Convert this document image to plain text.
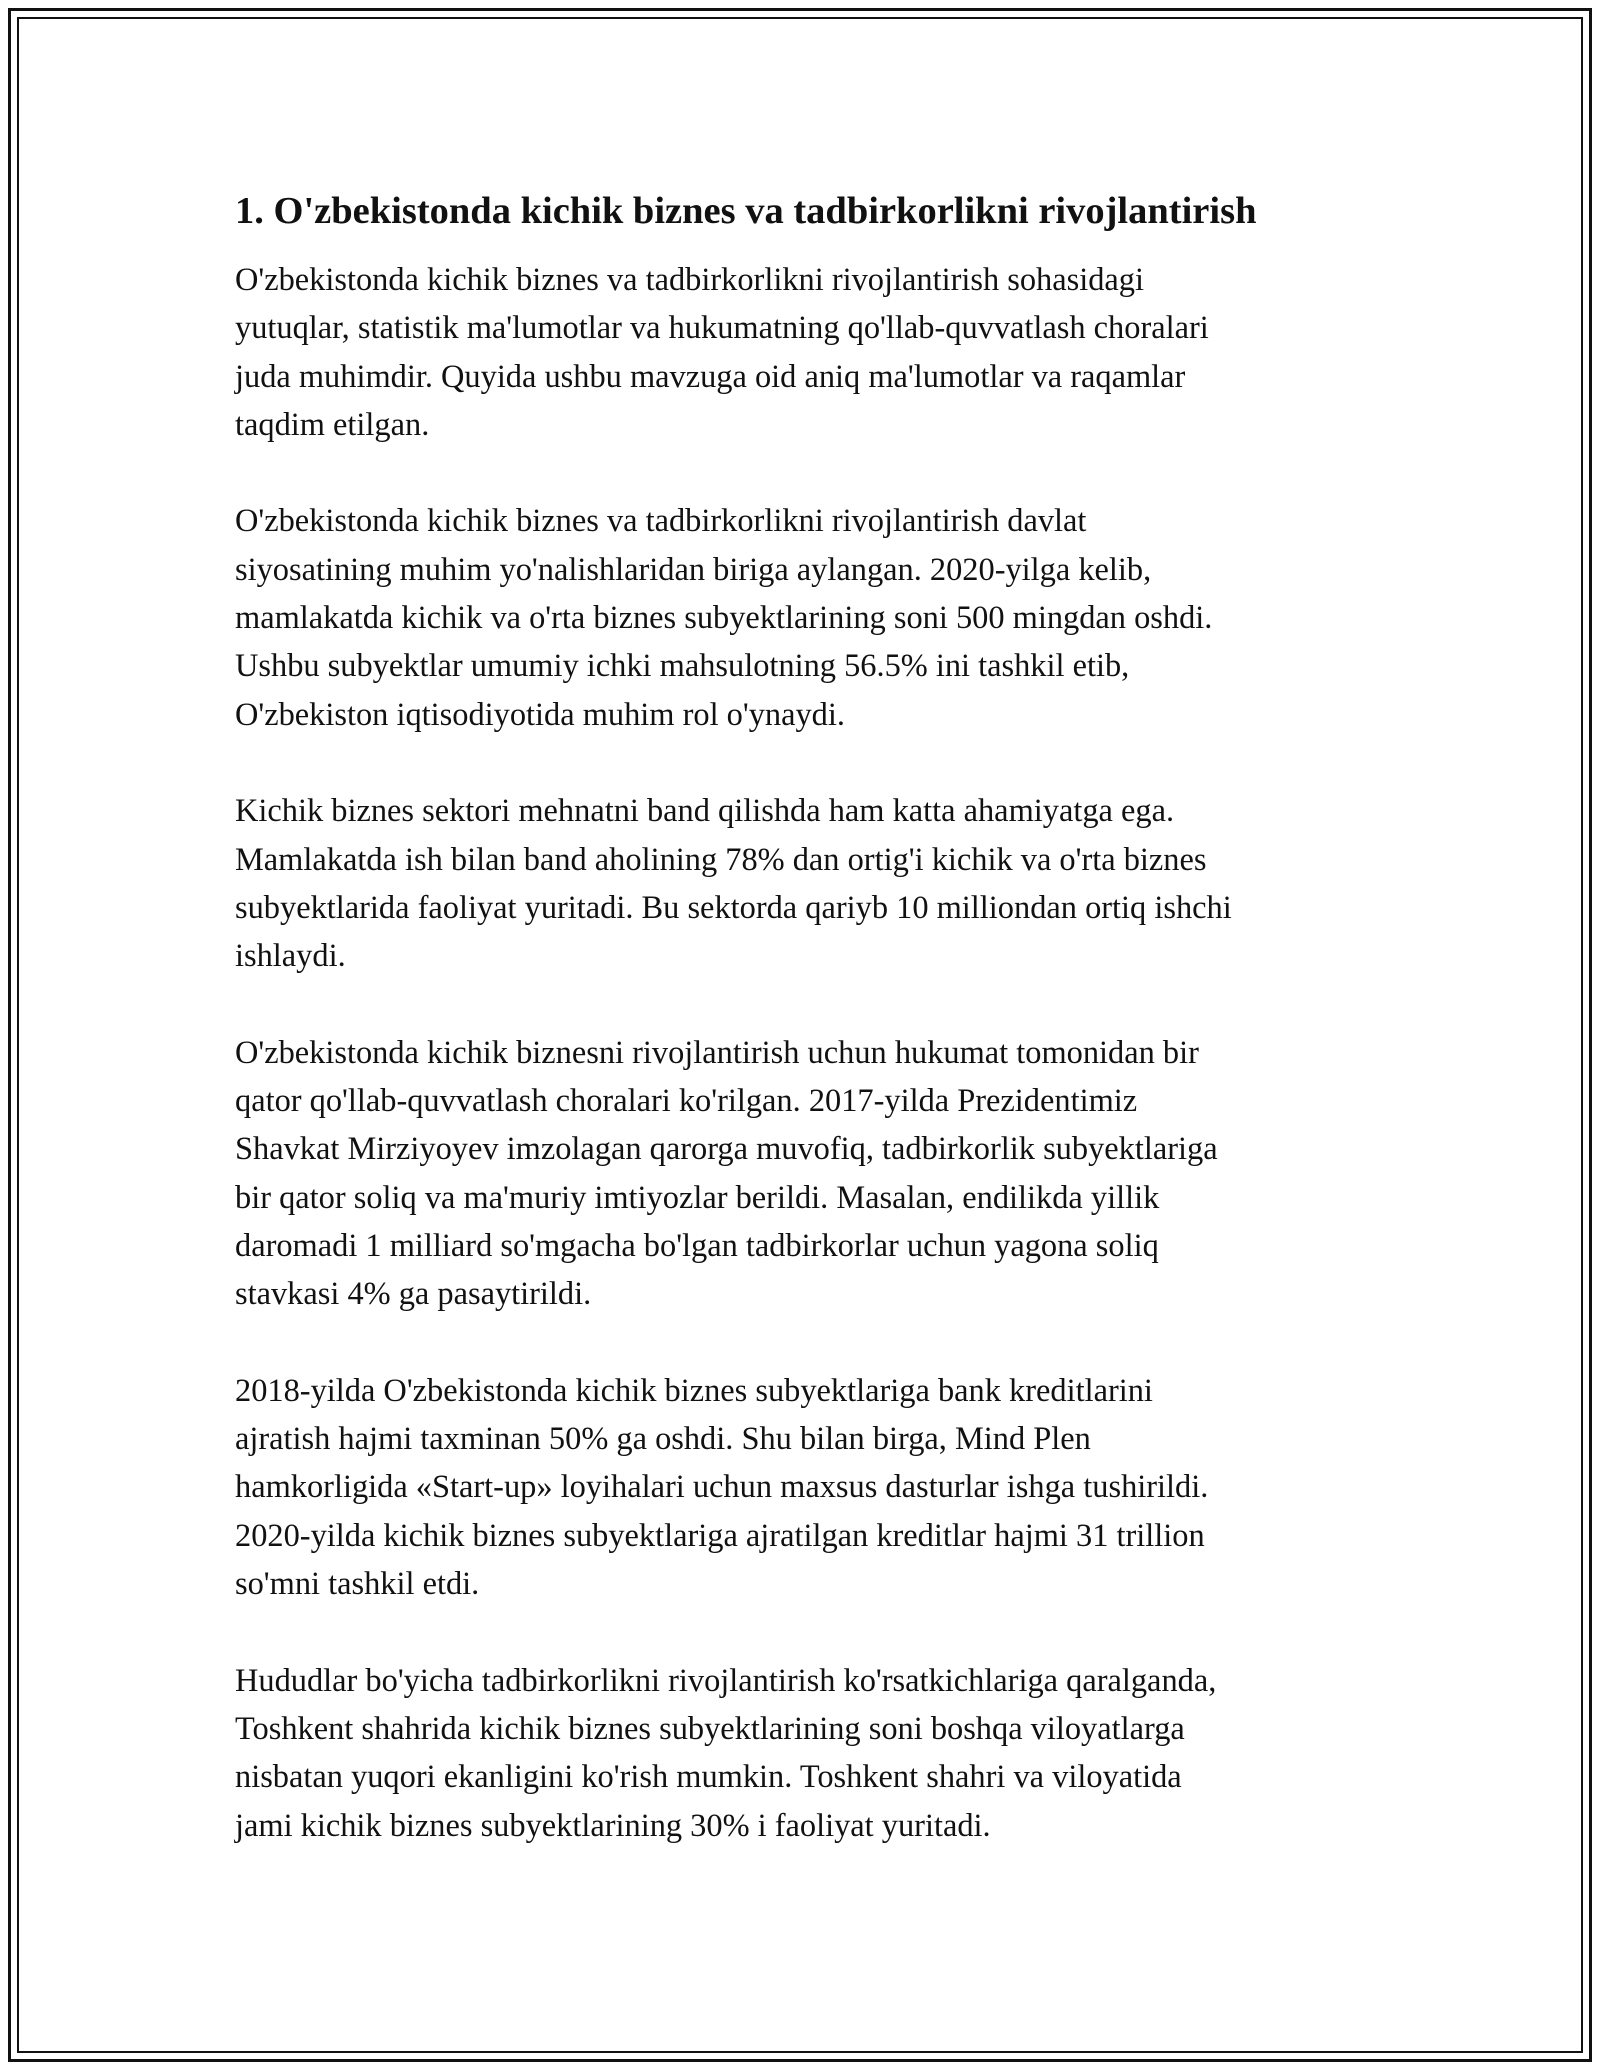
1. O'zbekistonda kichik biznes va tadbirkorlikni rivojlantirish

O'zbekistonda kichik biznes va tadbirkorlikni rivojlantirish sohasidagi
yutuqlar, statistik ma'lumotlar va hukumatning qo'llab-quvvatlash choralari
juda muhimdir. Quyida ushbu mavzuga oid aniq ma'lumotlar va raqamlar
taqdim etilgan.

O'zbekistonda kichik biznes va tadbirkorlikni rivojlantirish davlat
siyosatining muhim yo'nalishlaridan biriga aylangan. 2020-yilga kelib,
mamlakatda kichik va o'rta biznes subyektlarining soni 500 mingdan oshdi.
Ushbu subyektlar umumiy ichki mahsulotning 56.5% ini tashkil etib,
O'zbekiston iqtisodiyotida muhim rol o'ynaydi.

Kichik biznes sektori mehnatni band qilishda ham katta ahamiyatga ega.
Mamlakatda ish bilan band aholining 78% dan ortig'i kichik va o'rta biznes
subyektlarida faoliyat yuritadi. Bu sektorda qariyb 10 milliondan ortiq ishchi
ishlaydi.

O'zbekistonda kichik biznesni rivojlantirish uchun hukumat tomonidan bir
qator qo'llab-quvvatlash choralari ko'rilgan. 2017-yilda Prezidentimiz
Shavkat Mirziyoyev imzolagan qarorga muvofiq, tadbirkorlik subyektlariga
bir qator soliq va ma'muriy imtiyozlar berildi. Masalan, endilikda yillik
daromadi 1 milliard so'mgacha bo'lgan tadbirkorlar uchun yagona soliq
stavkasi 4% ga pasaytirildi.

2018-yilda O'zbekistonda kichik biznes subyektlariga bank kreditlarini
ajratish hajmi taxminan 50% ga oshdi. Shu bilan birga, Mind Plen
hamkorligida «Start-up» loyihalari uchun maxsus dasturlar ishga tushirildi.
2020-yilda kichik biznes subyektlariga ajratilgan kreditlar hajmi 31 trillion
so'mni tashkil etdi.

Hududlar bo'yicha tadbirkorlikni rivojlantirish ko'rsatkichlariga qaralganda,
Toshkent shahrida kichik biznes subyektlarining soni boshqa viloyatlarga
nisbatan yuqori ekanligini ko'rish mumkin. Toshkent shahri va viloyatida
jami kichik biznes subyektlarining 30% i faoliyat yuritadi.
